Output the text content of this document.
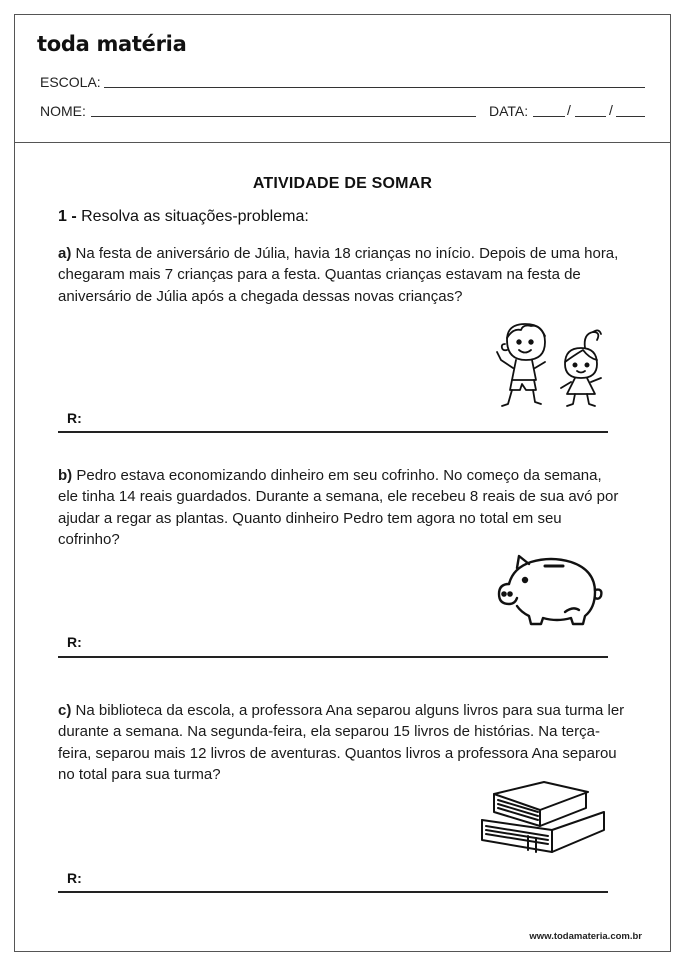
toda matéria
ESCOLA:
NOME:	DATA:	/	/
ATIVIDADE DE SOMAR
1 - Resolva as situações-problema:
a) Na festa de aniversário de Júlia, havia 18 crianças no início. Depois de uma hora,
chegaram mais 7 crianças para a festa. Quantas crianças estavam na festa de
aniversário de Júlia após a chegada dessas novas crianças?
R:
b) Pedro estava economizando dinheiro em seu cofrinho. No começo da semana,
ele tinha 14 reais guardados. Durante a semana, ele recebeu 8 reais de sua avó por
ajudar a regar as plantas. Quanto dinheiro Pedro tem agora no total em seu
cofrinho?
R:
c) Na biblioteca da escola, a professora Ana separou alguns livros para sua turma ler
durante a semana. Na segunda-feira, ela separou 15 livros de histórias. Na terça-
feira, separou mais 12 livros de aventuras. Quantos livros a professora Ana separou
no total para sua turma?
R:
www.todamateria.com.br
